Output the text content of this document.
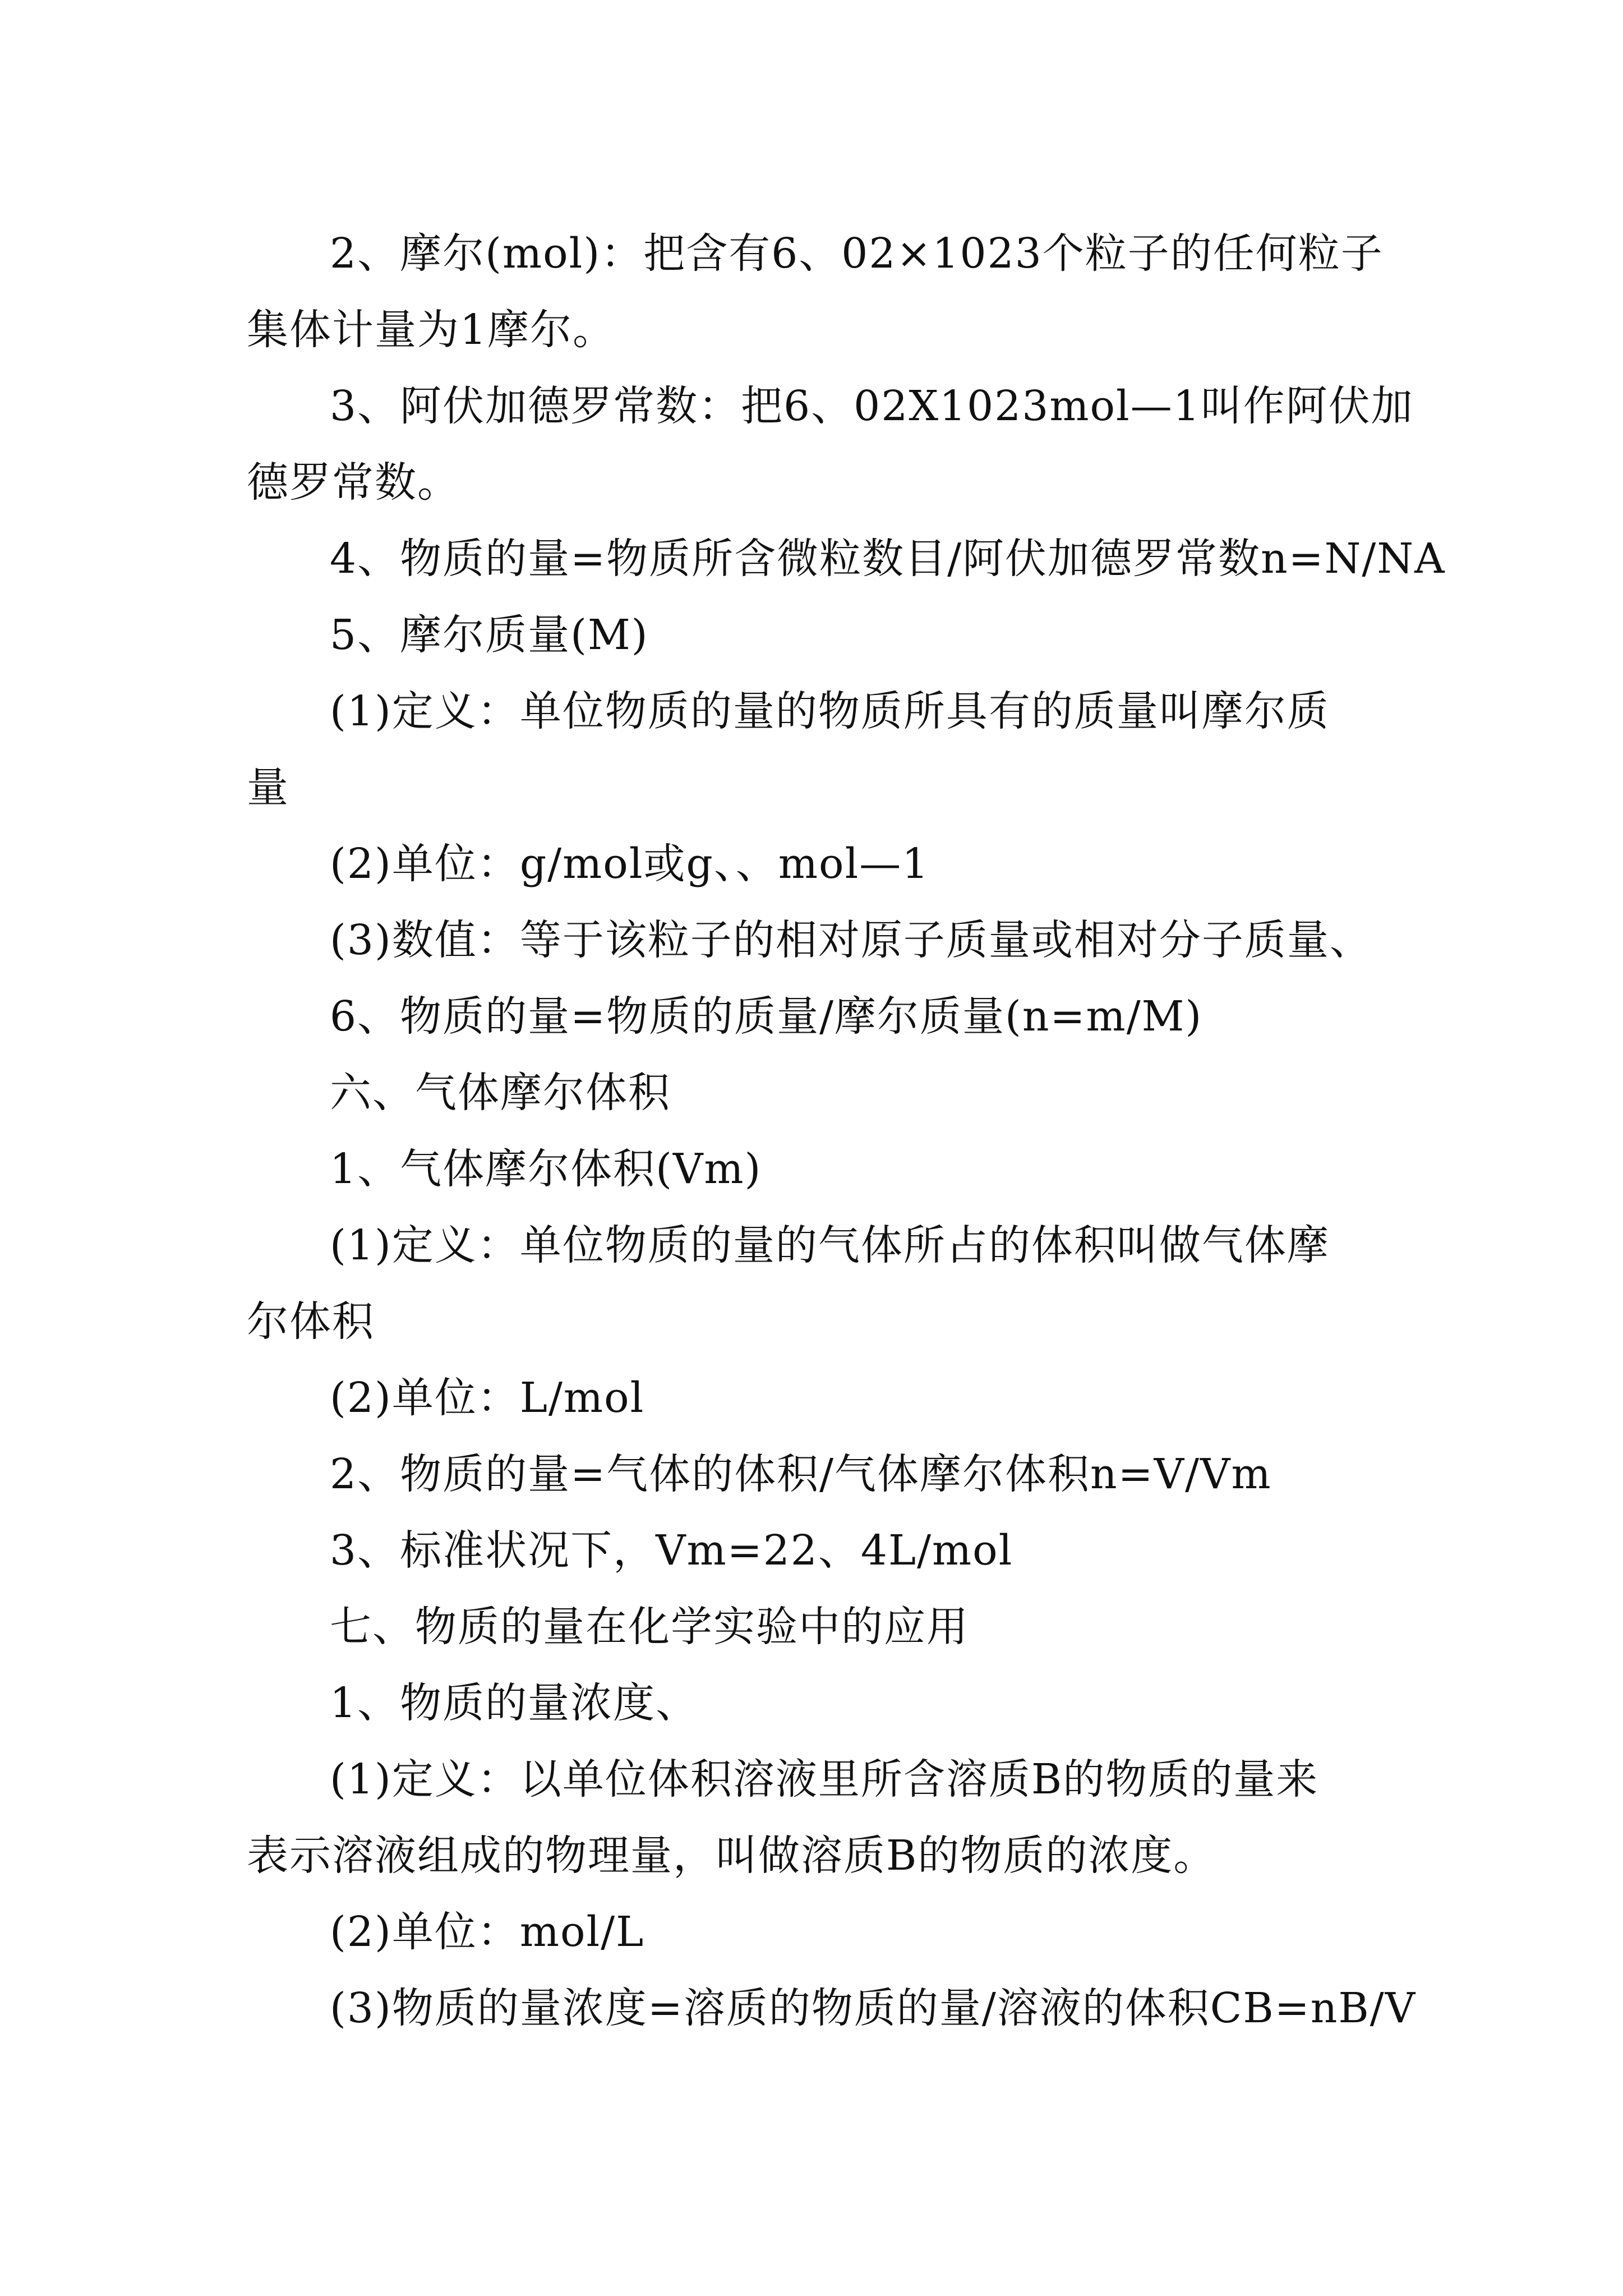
2、摩尔(mol)：把含有6、02×1023个粒子的任何粒子
集体计量为1摩尔。
3、阿伏加德罗常数：把6、02X1023mol—1叫作阿伏加
德罗常数。
4、物质的量=物质所含微粒数目/阿伏加德罗常数n=N/NA
5、摩尔质量(M)
(1)定义：单位物质的量的物质所具有的质量叫摩尔质
量
(2)单位：g/mol或g、、mol—1
(3)数值：等于该粒子的相对原子质量或相对分子质量、
6、物质的量=物质的质量/摩尔质量(n=m/M)
六、气体摩尔体积
1、气体摩尔体积(Vm)
(1)定义：单位物质的量的气体所占的体积叫做气体摩
尔体积
(2)单位：L/mol
2、物质的量=气体的体积/气体摩尔体积n=V/Vm
3、标准状况下，Vm=22、4L/mol
七、物质的量在化学实验中的应用
1、物质的量浓度、
(1)定义：以单位体积溶液里所含溶质B的物质的量来
表示溶液组成的物理量，叫做溶质B的物质的浓度。
(2)单位：mol/L
(3)物质的量浓度=溶质的物质的量/溶液的体积CB=nB/V
